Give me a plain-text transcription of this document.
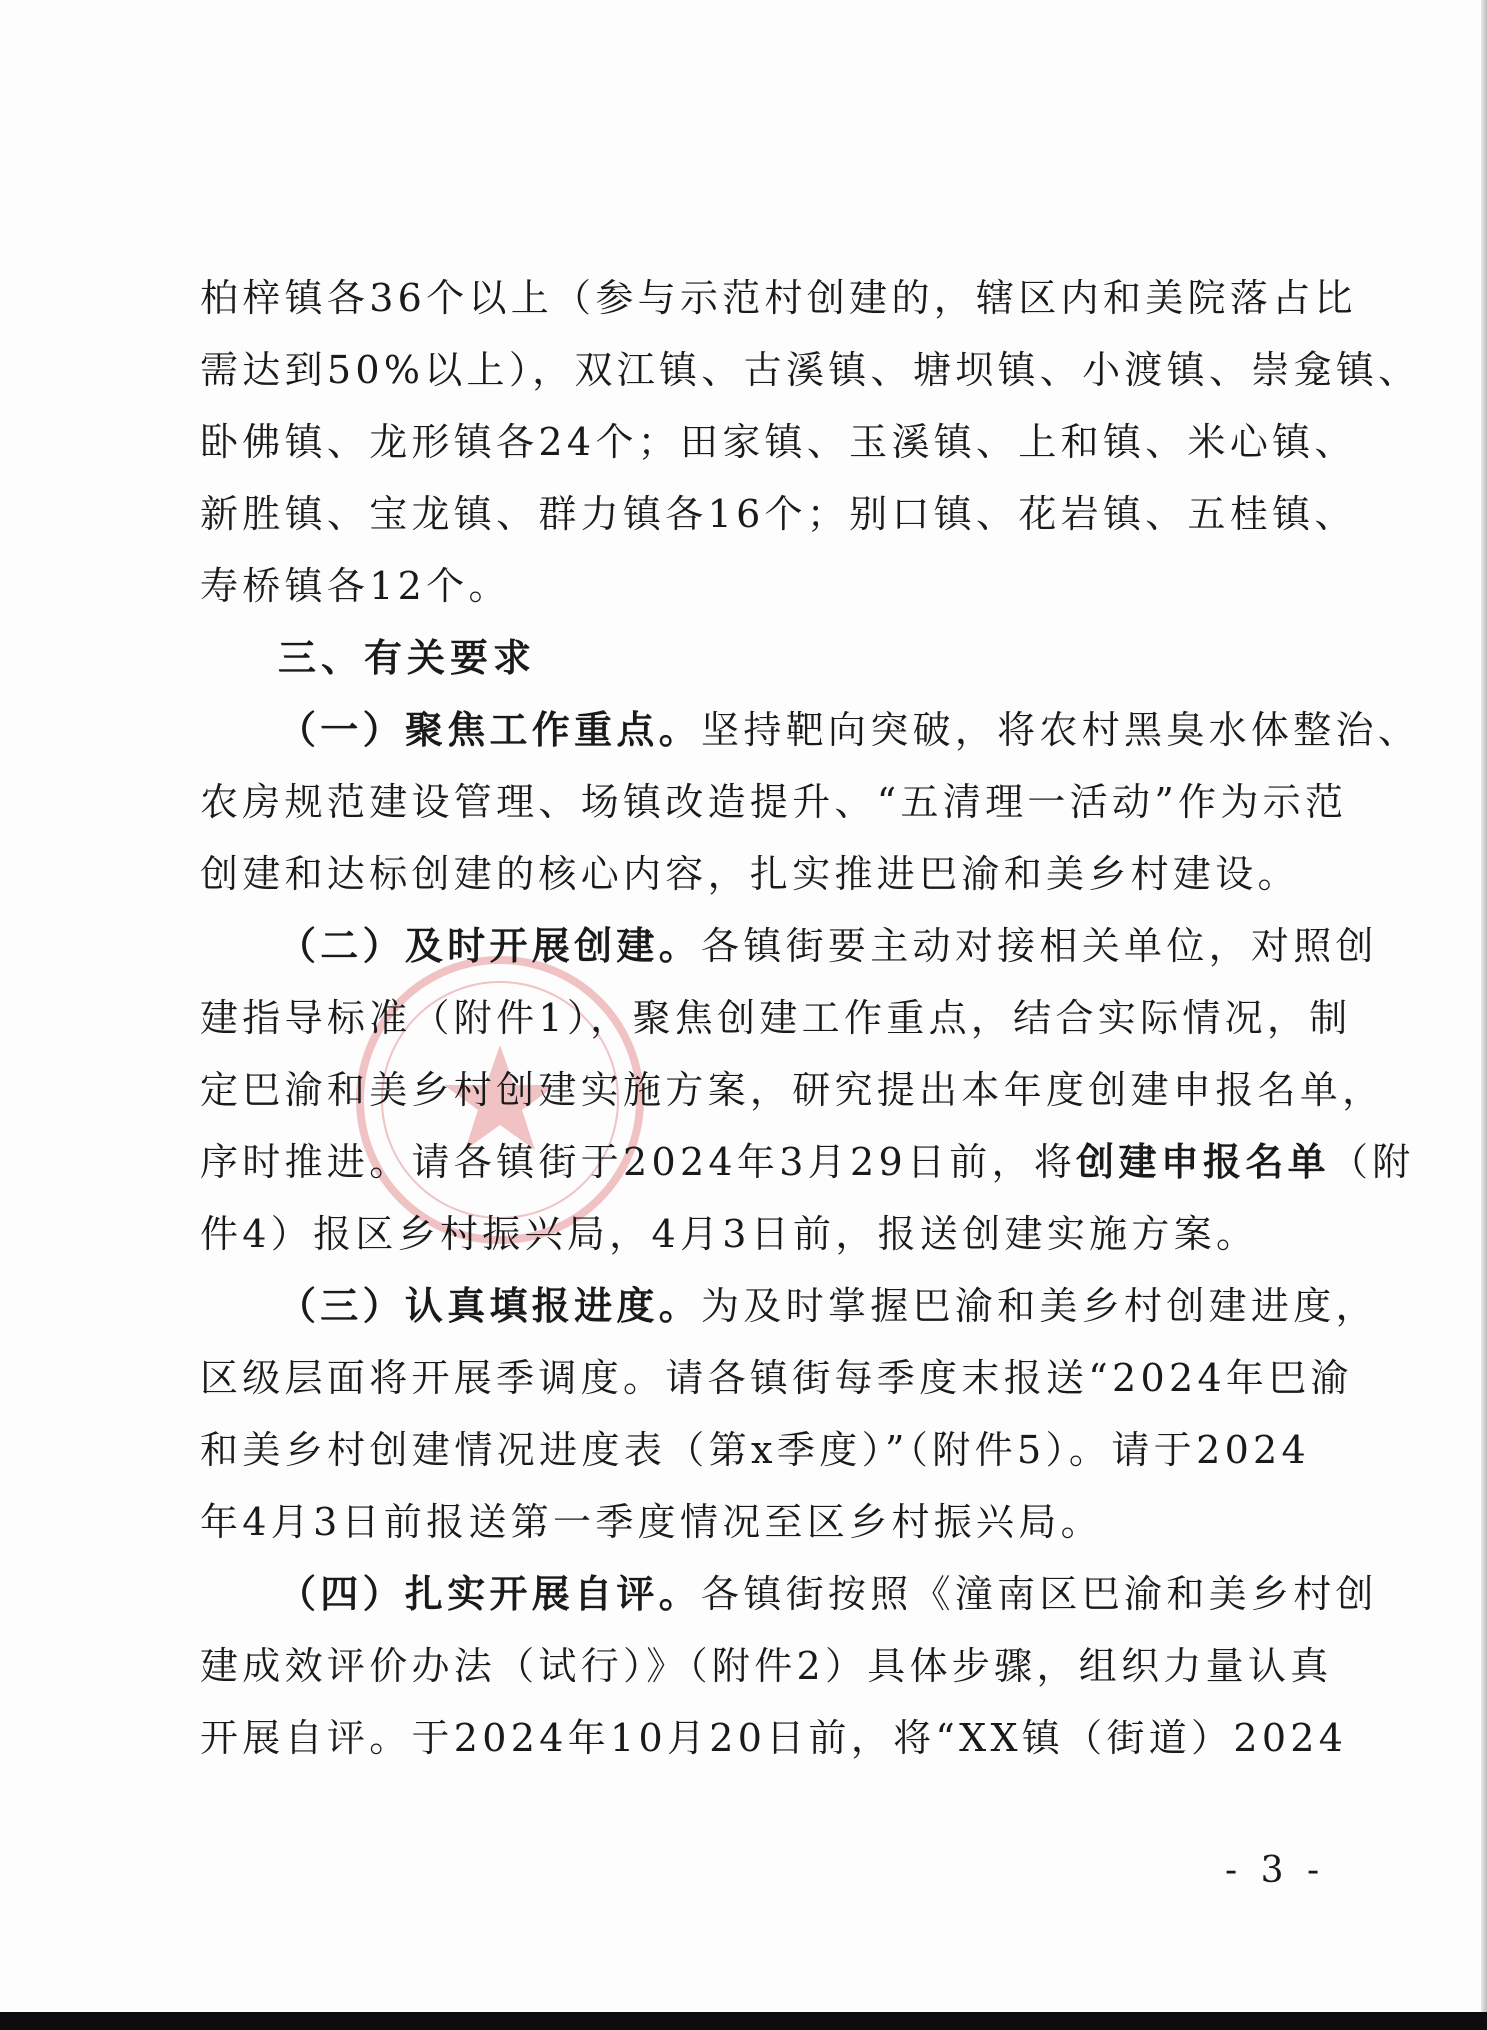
柏梓镇各36个以上（参与示范村创建的，辖区内和美院落占比
需达到50%以上），双江镇、古溪镇、塘坝镇、小渡镇、崇龛镇、
卧佛镇、龙形镇各24个；田家镇、玉溪镇、上和镇、米心镇、
新胜镇、宝龙镇、群力镇各16个；别口镇、花岩镇、五桂镇、
寿桥镇各12个。
三、有关要求
（一）聚焦工作重点。坚持靶向突破，将农村黑臭水体整治、
农房规范建设管理、场镇改造提升、“五清理一活动”作为示范
创建和达标创建的核心内容，扎实推进巴渝和美乡村建设。
（二）及时开展创建。各镇街要主动对接相关单位，对照创
建指导标准（附件1），聚焦创建工作重点，结合实际情况，制
定巴渝和美乡村创建实施方案，研究提出本年度创建申报名单，
序时推进。请各镇街于2024年3月29日前，将创建申报名单（附
件4）报区乡村振兴局，4月3日前，报送创建实施方案。
（三）认真填报进度。为及时掌握巴渝和美乡村创建进度，
区级层面将开展季调度。请各镇街每季度末报送“2024年巴渝
和美乡村创建情况进度表（第x季度）”（附件5）。请于2024
年4月3日前报送第一季度情况至区乡村振兴局。
（四）扎实开展自评。各镇街按照《潼南区巴渝和美乡村创
建成效评价办法（试行）》（附件2）具体步骤，组织力量认真
开展自评。于2024年10月20日前，将“XX镇（街道）2024
- 3 -
